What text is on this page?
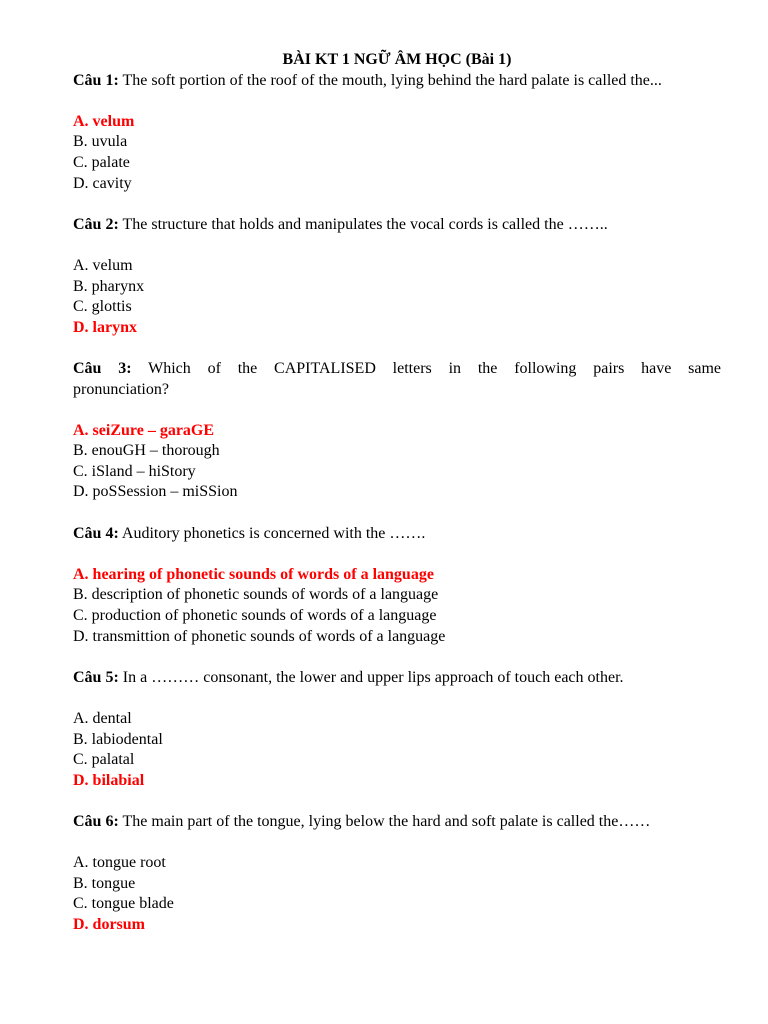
BÀI KT 1 NGỮ ÂM HỌC (Bài 1)
Câu 1: The soft portion of the roof of the mouth, lying behind the hard palate is called the...
A. velum
B. uvula
C. palate
D. cavity
Câu 2: The structure that holds and manipulates the vocal cords is called the ……..
A. velum
B. pharynx
C. glottis
D. larynx
Câu 3: Which of the CAPITALISED letters in the following pairs have same
pronunciation?
A. seiZure – garaGE
B. enouGH – thorough
C. iSland – hiStory
D. poSSession – miSSion
Câu 4: Auditory phonetics is concerned with the …….
A. hearing of phonetic sounds of words of a language
B. description of phonetic sounds of words of a language
C. production of phonetic sounds of words of a language
D. transmittion of phonetic sounds of words of a language
Câu 5: In a ……… consonant, the lower and upper lips approach of touch each other.
A. dental
B. labiodental
C. palatal
D. bilabial
Câu 6: The main part of the tongue, lying below the hard and soft palate is called the……
A. tongue root
B. tongue
C. tongue blade
D. dorsum
